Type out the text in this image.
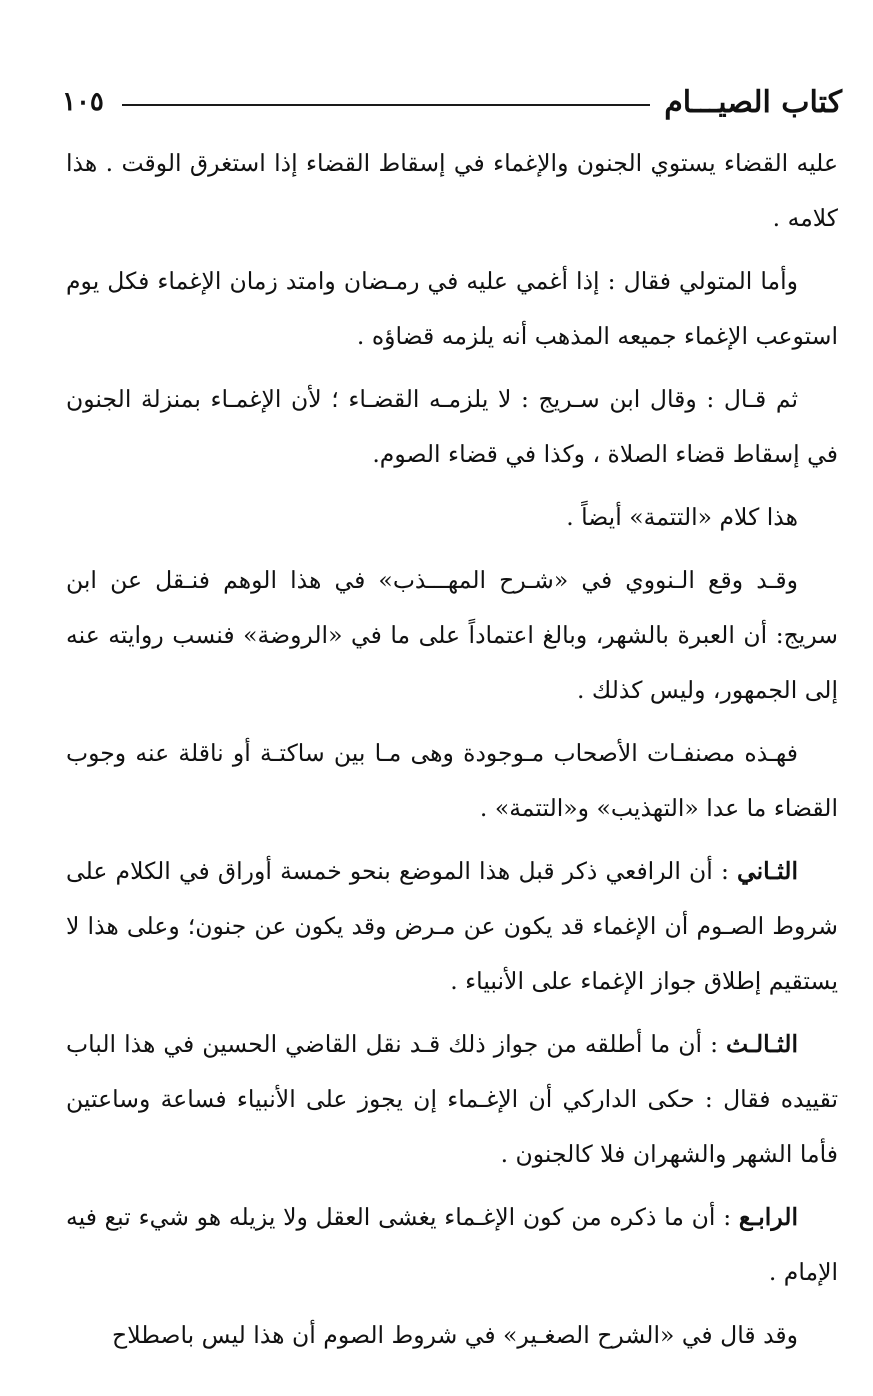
كتاب الصيـــام
١٠٥

عليه القضاء يستوي الجنون والإغماء في إسقاط القضاء إذا استغرق الوقت . هذا كلامه .

وأما المتولي فقال : إذا أغمي عليه في رمـضان وامتد زمان الإغماء فكل يوم استوعب الإغماء جميعه المذهب أنه يلزمه قضاؤه .

ثم قـال : وقال ابن سـريج : لا يلزمـه القضـاء ؛ لأن الإغمـاء بمنزلة الجنون في إسقاط قضاء الصلاة ، وكذا في قضاء الصوم.

هذا كلام «التتمة» أيضاً .

وقـد وقع الـنووي في «شـرح المهـــذب» في هذا الوهم فنـقل عن ابن سريج: أن العبرة بالشهر، وبالغ اعتماداً على ما في «الروضة» فنسب روايته عنه إلى الجمهور، وليس كذلك .

فهـذه مصنفـات الأصحاب مـوجودة وهى مـا بين ساكتـة أو ناقلة عنه وجوب القضاء ما عدا «التهذيب» و«التتمة» .

الثـاني : أن الرافعي ذكر قبل هذا الموضع بنحو خمسة أوراق في الكلام على شروط الصـوم أن الإغماء قد يكون عن مـرض وقد يكون عن جنون؛ وعلى هذا لا يستقيم إطلاق جواز الإغماء على الأنبياء .

الثـالـث : أن ما أطلقه من جواز ذلك قـد نقل القاضي الحسين في هذا الباب تقييده فقال : حكى الداركي أن الإغـماء إن يجوز على الأنبياء فساعة وساعتين فأما الشهر والشهران فلا كالجنون .

الرابـع : أن ما ذكره من كون الإغـماء يغشى العقل ولا يزيله هو شيء تبع فيه الإمام .

وقد قال في «الشرح الصغـير» في شروط الصوم أن هذا ليس باصطلاح
